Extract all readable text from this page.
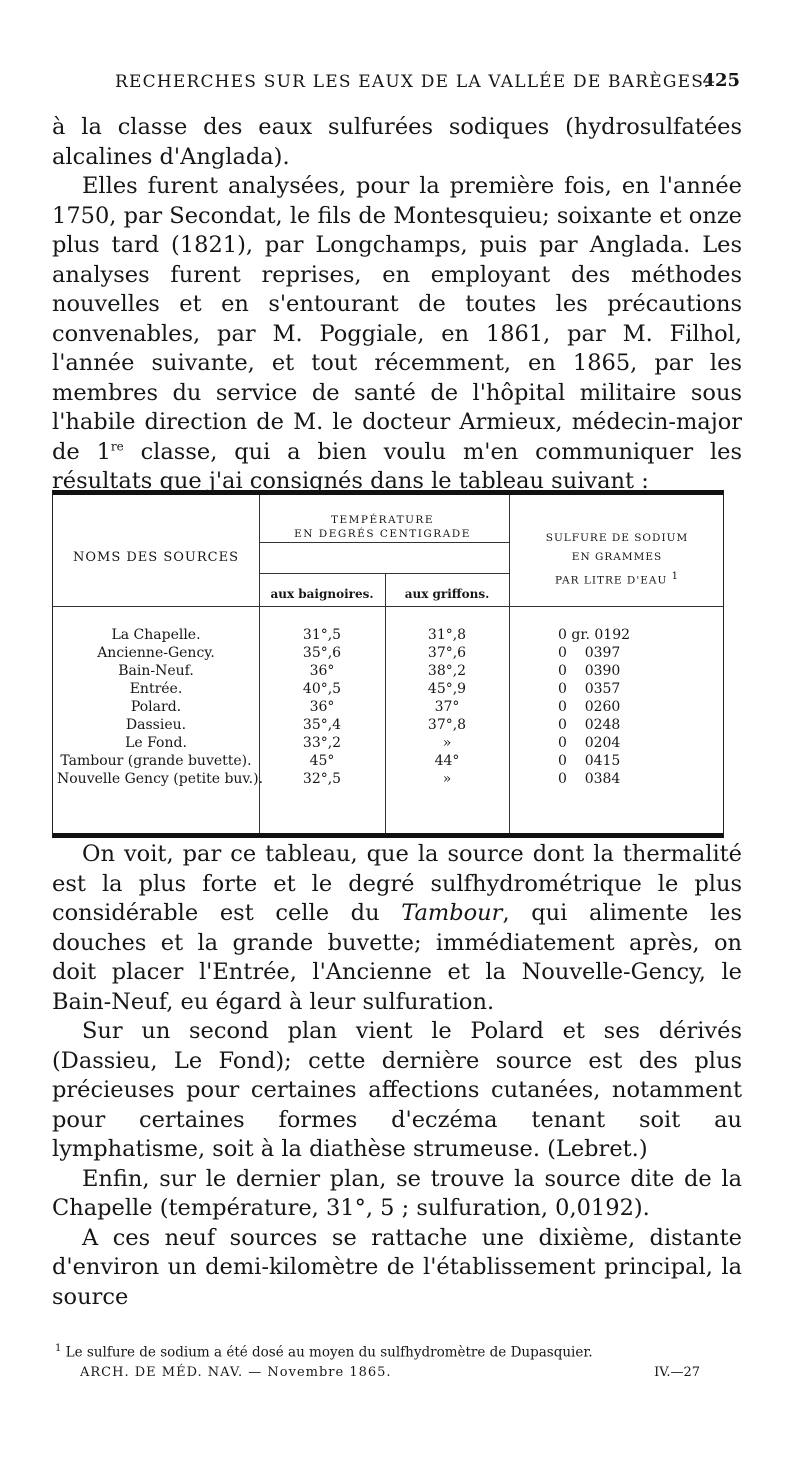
RECHERCHES SUR LES EAUX DE LA VALLÉE DE BARÈGES.
425

à la classe des eaux sulfurées sodiques (hydrosulfatées alcalines d'Anglada).

Elles furent analysées, pour la première fois, en l'année 1750, par Secondat, le fils de Montesquieu; soixante et onze plus tard (1821), par Longchamps, puis par Anglada. Les analyses furent reprises, en employant des méthodes nouvelles et en s'entourant de toutes les précautions convenables, par M. Poggiale, en 1861, par M. Filhol, l'année suivante, et tout récemment, en 1865, par les membres du service de santé de l'hôpital militaire sous l'habile direction de M. le docteur Armieux, médecin-major de 1re classe, qui a bien voulu m'en communiquer les résultats que j'ai consignés dans le tableau suivant :

NOMS DES SOURCES
TEMPÉRATURE
EN DEGRÉS CENTIGRADE
aux baignoires.	aux griffons.
SULFURE DE SODIUM
EN GRAMMES
PAR LITRE D'EAU 1
La Chapelle.	31°,5	31°,8	0 gr. 0192
Ancienne-Gency.	35°,6	37°,6	0    0397
Bain-Neuf.	36°	38°,2	0    0390
Entrée.	40°,5	45°,9	0    0357
Polard.	36°	37°	0    0260
Dassieu.	35°,4	37°,8	0    0248
Le Fond.	33°,2	»	0    0204
Tambour (grande buvette).	45°	44°	0    0415
Nouvelle Gency (petite buv.).	32°,5	»	0    0384

On voit, par ce tableau, que la source dont la thermalité est la plus forte et le degré sulfhydrométrique le plus considérable est celle du Tambour, qui alimente les douches et la grande buvette; immédiatement après, on doit placer l'Entrée, l'Ancienne et la Nouvelle-Gency, le Bain-Neuf, eu égard à leur sulfuration.

Sur un second plan vient le Polard et ses dérivés (Dassieu, Le Fond); cette dernière source est des plus précieuses pour certaines affections cutanées, notamment pour certaines formes d'eczéma tenant soit au lymphatisme, soit à la diathèse strumeuse. (Lebret.)

Enfin, sur le dernier plan, se trouve la source dite de la Chapelle (température, 31°, 5 ; sulfuration, 0,0192).

A ces neuf sources se rattache une dixième, distante d'environ un demi-kilomètre de l'établissement principal, la source

$^1$ Le sulfure de sodium a été dosé au moyen du sulfhydromètre de Dupasquier.
ARCH. DE MÉD. NAV. — Novembre 1865.	IV.—27
